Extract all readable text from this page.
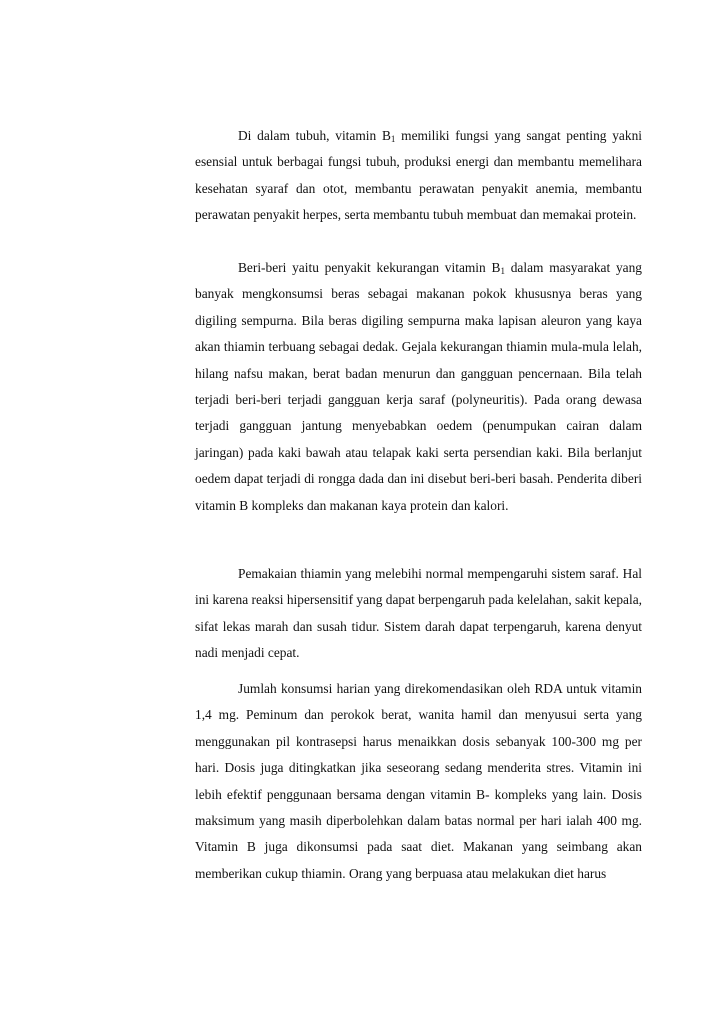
Di dalam tubuh, vitamin $B_1$ memiliki fungsi yang sangat penting yakni esensial untuk berbagai fungsi tubuh, produksi energi dan membantu memelihara kesehatan syaraf dan otot, membantu perawatan penyakit anemia, membantu perawatan penyakit herpes, serta membantu tubuh membuat dan memakai protein.

Beri-beri yaitu penyakit kekurangan vitamin $B_1$ dalam masyarakat yang banyak mengkonsumsi beras sebagai makanan pokok khususnya beras yang digiling sempurna. Bila beras digiling sempurna maka lapisan aleuron yang kaya akan thiamin terbuang sebagai dedak. Gejala kekurangan thiamin mula-mula lelah, hilang nafsu makan, berat badan menurun dan gangguan pencernaan. Bila telah terjadi beri-beri terjadi gangguan kerja saraf (polyneuritis). Pada orang dewasa terjadi gangguan jantung menyebabkan oedem (penumpukan cairan dalam jaringan) pada kaki bawah atau telapak kaki serta persendian kaki. Bila berlanjut oedem dapat terjadi di rongga dada dan ini disebut beri-beri basah. Penderita diberi vitamin B kompleks dan makanan kaya protein dan kalori.

Pemakaian thiamin yang melebihi normal mempengaruhi sistem saraf. Hal ini karena reaksi hipersensitif yang dapat berpengaruh pada kelelahan, sakit kepala, sifat lekas marah dan susah tidur. Sistem darah dapat terpengaruh, karena denyut nadi menjadi cepat.

Jumlah konsumsi harian yang direkomendasikan oleh RDA untuk vitamin 1,4 mg. Peminum dan perokok berat, wanita hamil dan menyusui serta yang menggunakan pil kontrasepsi harus menaikkan dosis sebanyak 100-300 mg per hari. Dosis juga ditingkatkan jika seseorang sedang menderita stres. Vitamin ini lebih efektif penggunaan bersama dengan vitamin B- kompleks yang lain. Dosis maksimum yang masih diperbolehkan dalam batas normal per hari ialah 400 mg. Vitamin B juga dikonsumsi pada saat diet. Makanan yang seimbang akan memberikan cukup thiamin. Orang yang berpuasa atau melakukan diet harus
